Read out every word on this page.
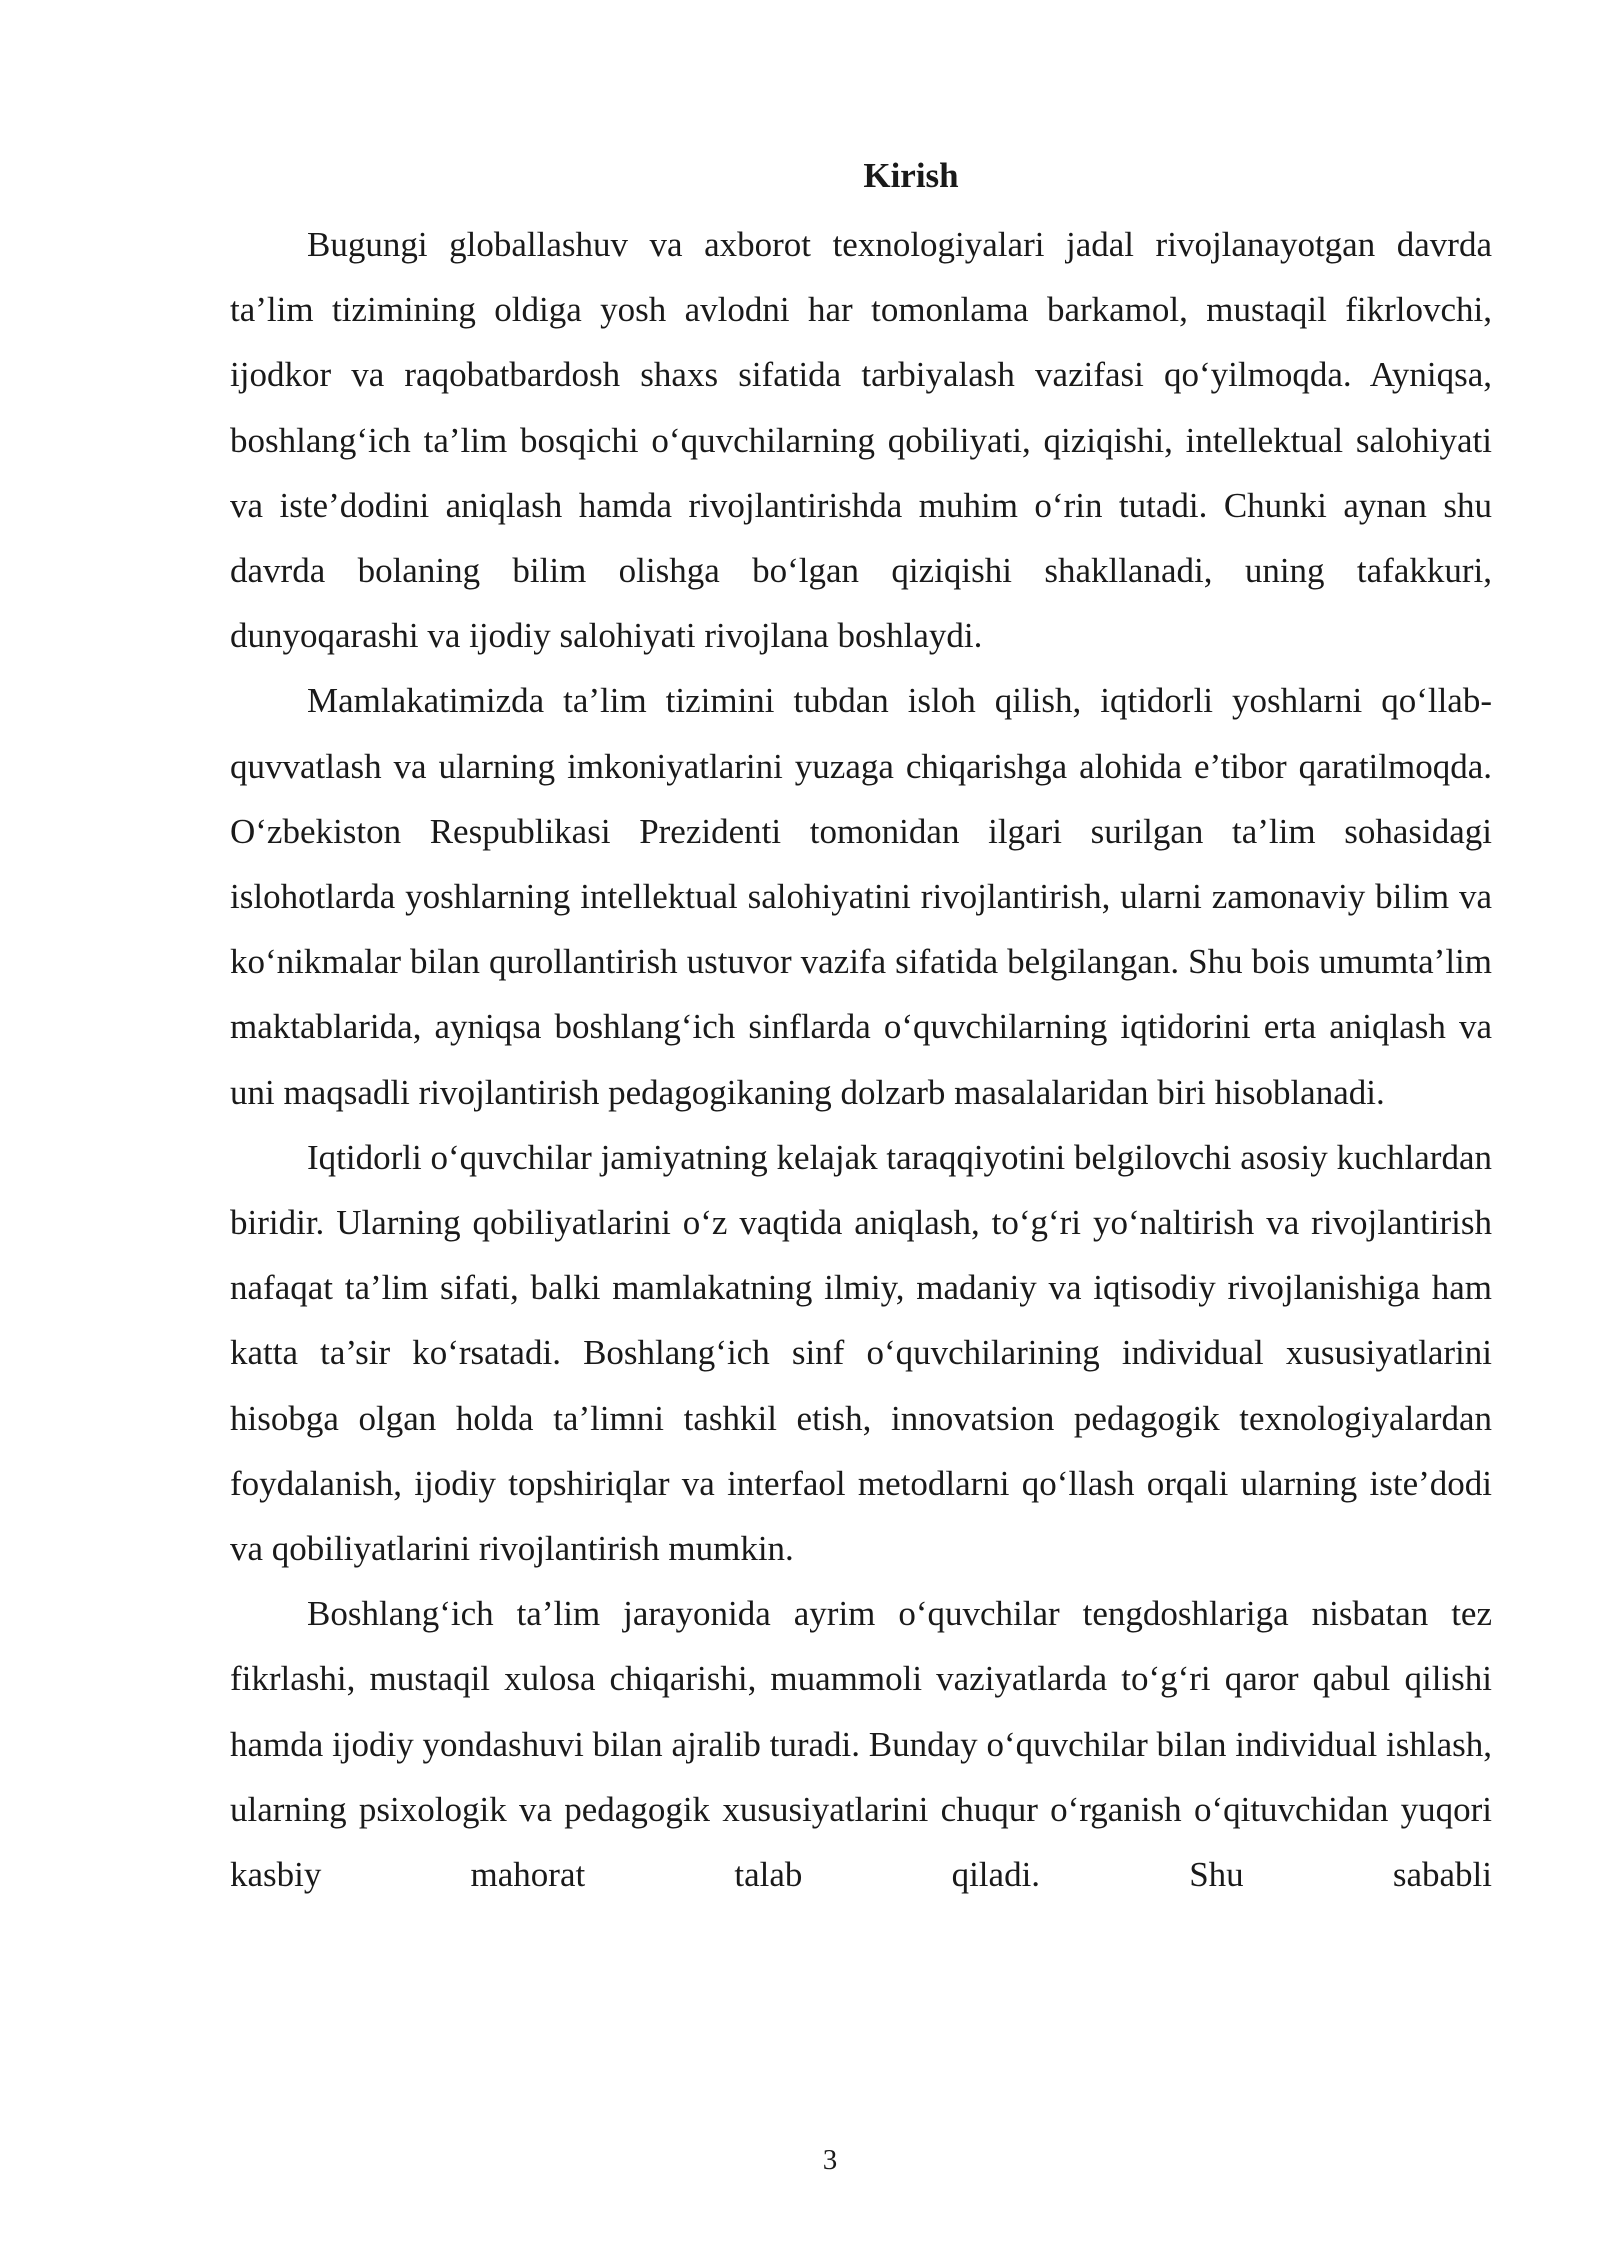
Kirish

Bugungi globallashuv va axborot texnologiyalari jadal rivojlanayotgan davrda ta’lim tizimining oldiga yosh avlodni har tomonlama barkamol, mustaqil fikrlovchi, ijodkor va raqobatbardosh shaxs sifatida tarbiyalash vazifasi qo‘yilmoqda. Ayniqsa, boshlang‘ich ta’lim bosqichi o‘quvchilarning qobiliyati, qiziqishi, intellektual salohiyati va iste’dodini aniqlash hamda rivojlantirishda muhim o‘rin tutadi. Chunki aynan shu davrda bolaning bilim olishga bo‘lgan qiziqishi shakllanadi, uning tafakkuri, dunyoqarashi va ijodiy salohiyati rivojlana boshlaydi.

Mamlakatimizda ta’lim tizimini tubdan isloh qilish, iqtidorli yoshlarni qo‘llab-quvvatlash va ularning imkoniyatlarini yuzaga chiqarishga alohida e’tibor qaratilmoqda. O‘zbekiston Respublikasi Prezidenti tomonidan ilgari surilgan ta’lim sohasidagi islohotlarda yoshlarning intellektual salohiyatini rivojlantirish, ularni zamonaviy bilim va ko‘nikmalar bilan qurollantirish ustuvor vazifa sifatida belgilangan. Shu bois umumta’lim maktablarida, ayniqsa boshlang‘ich sinflarda o‘quvchilarning iqtidorini erta aniqlash va uni maqsadli rivojlantirish pedagogikaning dolzarb masalalaridan biri hisoblanadi.

Iqtidorli o‘quvchilar jamiyatning kelajak taraqqiyotini belgilovchi asosiy kuchlardan biridir. Ularning qobiliyatlarini o‘z vaqtida aniqlash, to‘g‘ri yo‘naltirish va rivojlantirish nafaqat ta’lim sifati, balki mamlakatning ilmiy, madaniy va iqtisodiy rivojlanishiga ham katta ta’sir ko‘rsatadi. Boshlang‘ich sinf o‘quvchilarining individual xususiyatlarini hisobga olgan holda ta’limni tashkil etish, innovatsion pedagogik texnologiyalardan foydalanish, ijodiy topshiriqlar va interfaol metodlarni qo‘llash orqali ularning iste’dodi va qobiliyatlarini rivojlantirish mumkin.

Boshlang‘ich ta’lim jarayonida ayrim o‘quvchilar tengdoshlariga nisbatan tez fikrlashi, mustaqil xulosa chiqarishi, muammoli vaziyatlarda to‘g‘ri qaror qabul qilishi hamda ijodiy yondashuvi bilan ajralib turadi. Bunday o‘quvchilar bilan individual ishlash, ularning psixologik va pedagogik xususiyatlarini chuqur o‘rganish o‘qituvchidan yuqori kasbiy mahorat talab qiladi. Shu sababli

3
